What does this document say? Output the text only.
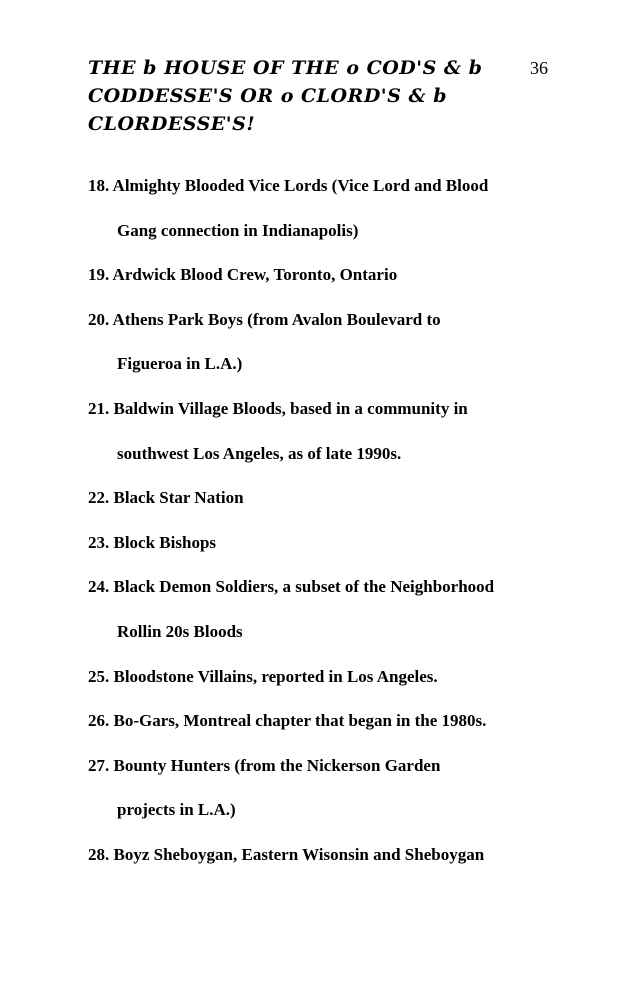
THE b HOUSE OF THE o COD'S & b
CODDESSE'S OR o CLORD'S & b
CLORDESSE'S!
36
18. Almighty Blooded Vice Lords (Vice Lord and Blood
Gang connection in Indianapolis)
19. Ardwick Blood Crew, Toronto, Ontario
20. Athens Park Boys (from Avalon Boulevard to
Figueroa in L.A.)
21. Baldwin Village Bloods, based in a community in
southwest Los Angeles, as of late 1990s.
22. Black Star Nation
23. Block Bishops
24. Black Demon Soldiers, a subset of the Neighborhood
Rollin 20s Bloods
25. Bloodstone Villains, reported in Los Angeles.
26. Bo-Gars, Montreal chapter that began in the 1980s.
27. Bounty Hunters (from the Nickerson Garden
projects in L.A.)
28. Boyz Sheboygan, Eastern Wisonsin and Sheboygan
